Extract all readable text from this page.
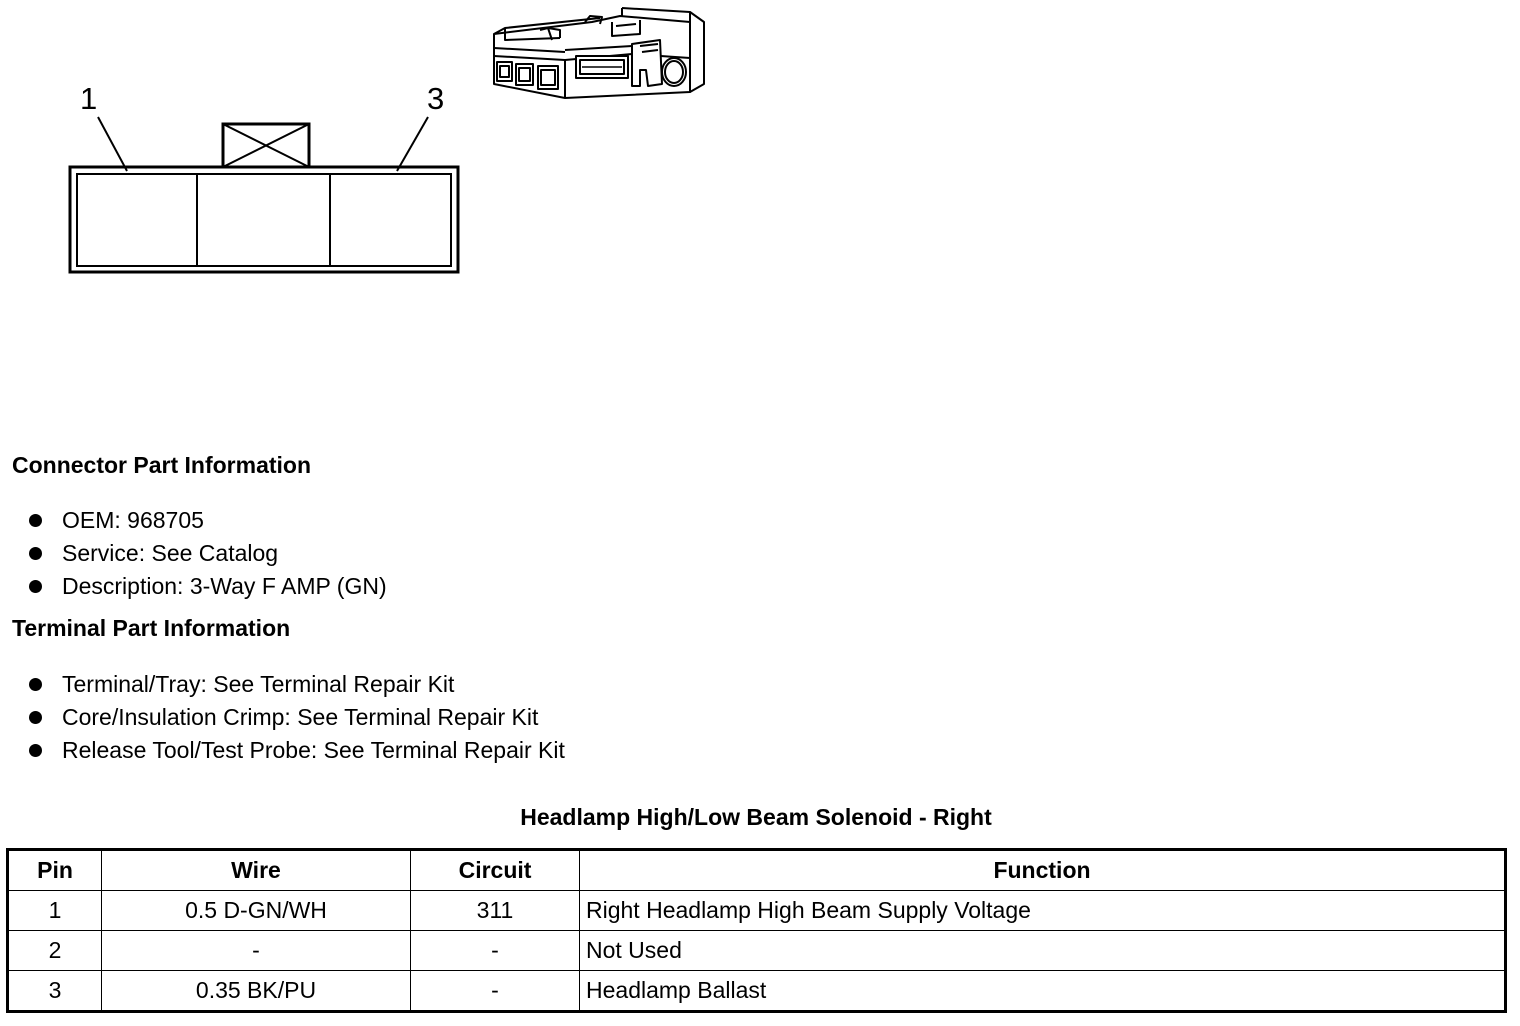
1	3
Connector Part Information
OEM: 968705
Service: See Catalog
Description: 3-Way F AMP (GN)
Terminal Part Information
Terminal/Tray: See Terminal Repair Kit
Core/Insulation Crimp: See Terminal Repair Kit
Release Tool/Test Probe: See Terminal Repair Kit
Headlamp High/Low Beam Solenoid - Right
Pin	Wire	Circuit	Function
1	0.5 D-GN/WH	311	Right Headlamp High Beam Supply Voltage
2	-	-	Not Used
3	0.35 BK/PU	-	Headlamp Ballast
